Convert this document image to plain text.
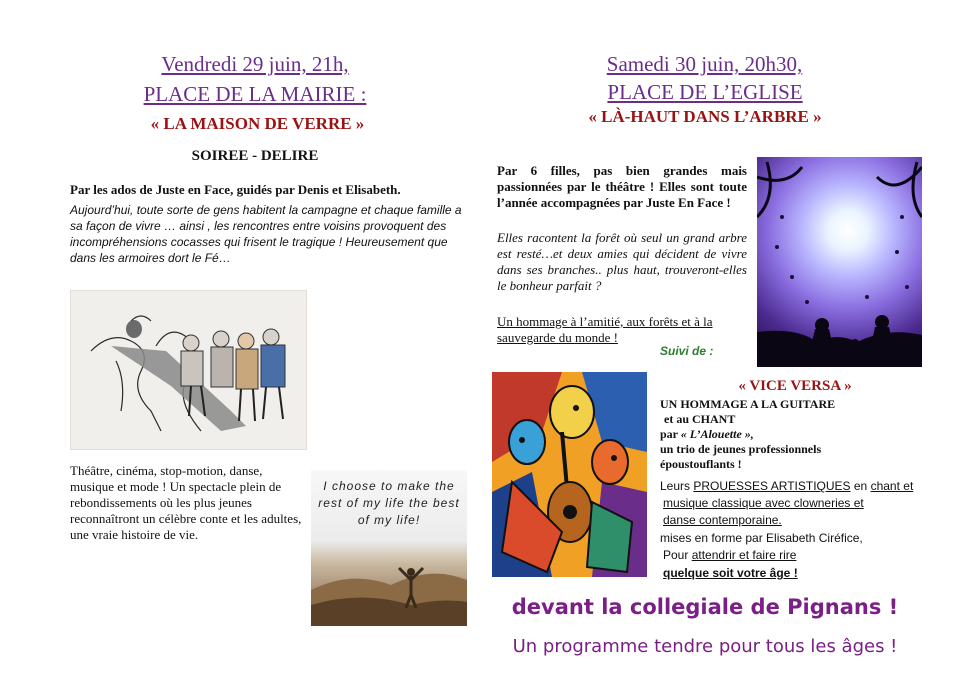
Vendredi 29 juin, 21h,
PLACE DE LA MAIRIE :
« LA MAISON DE VERRE »
SOIREE - DELIRE
Par les ados de Juste en Face, guidés par Denis et Elisabeth.
Aujourd’hui, toute sorte de gens habitent la campagne et chaque famille a sa façon de vivre … ainsi , les rencontres entre voisins provoquent des incompréhensions cocasses qui frisent le tragique ! Heureusement que dans les armoires dort le Fé…
Théâtre, cinéma, stop-motion, danse, musique et mode ! Un spectacle plein de rebondissements où les plus jeunes reconnaîtront un célèbre conte et les adultes, une vraie histoire de vie.
I choose to make the rest of my life the best of my life!
Samedi 30 juin, 20h30,
PLACE DE L’EGLISE
« LÀ-HAUT DANS L’ARBRE »
Par 6 filles, pas bien grandes mais passionnées par le théâtre ! Elles sont toute l’année accompagnées par Juste En Face !
Elles racontent la forêt où seul un grand arbre est resté…et deux amies qui décident de vivre dans ses branches.. plus haut, trouveront-elles le bonheur parfait ?
Un hommage à l’amitié, aux forêts et à la sauvegarde du monde !
Suivi de :
« VICE VERSA »
UN HOMMAGE A LA GUITARE
et au CHANT
par « L’Alouette »,
un trio de jeunes professionnels époustouflants !
Leurs PROUESSES ARTISTIQUES en chant et
musique classique avec clowneries et
danse contemporaine.
mises en forme par Elisabeth Ciréfice,
Pour attendrir et faire rire
quelque soit votre âge !
devant la collegiale de Pignans !
Un programme tendre pour tous les âges !
